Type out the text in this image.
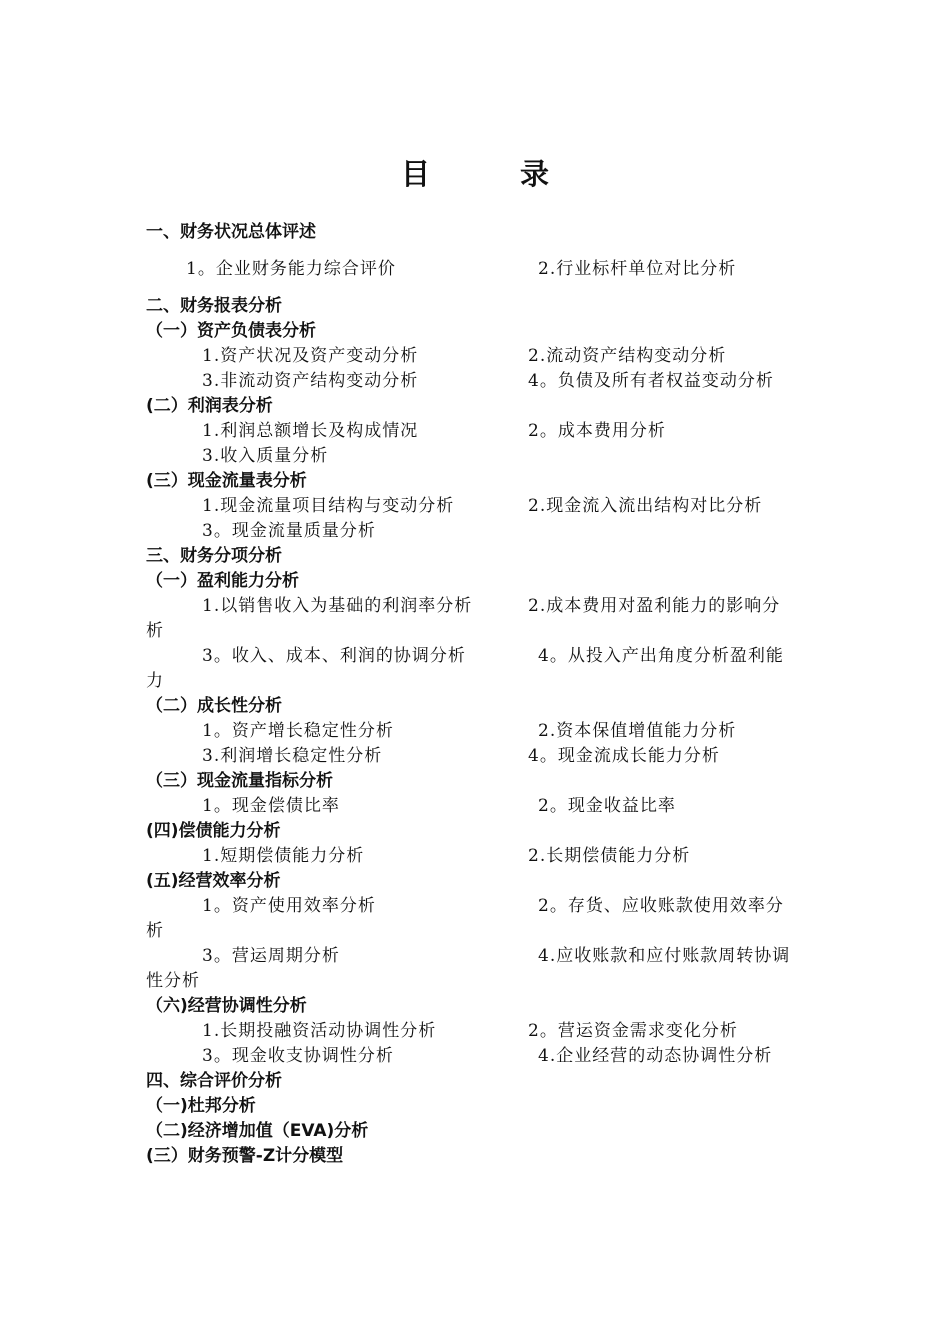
目	录
一、财务状况总体评述
1。企业财务能力综合评价	2.行业标杆单位对比分析
二、财务报表分析
（一）资产负债表分析
1.资产状况及资产变动分析	2.流动资产结构变动分析
3.非流动资产结构变动分析	4。负债及所有者权益变动分析
(二）利润表分析
1.利润总额增长及构成情况	2。成本费用分析
3.收入质量分析
(三）现金流量表分析
1.现金流量项目结构与变动分析	2.现金流入流出结构对比分析
3。现金流量质量分析
三、财务分项分析
（一）盈利能力分析
1.以销售收入为基础的利润率分析	2.成本费用对盈利能力的影响分
析
3。收入、成本、利润的协调分析	4。从投入产出角度分析盈利能
力
（二）成长性分析
1。资产增长稳定性分析	2.资本保值增值能力分析
3.利润增长稳定性分析	4。现金流成长能力分析
（三）现金流量指标分析
1。现金偿债比率	2。现金收益比率
(四)偿债能力分析
1.短期偿债能力分析	2.长期偿债能力分析
(五)经营效率分析
1。资产使用效率分析	2。存货、应收账款使用效率分
析
3。营运周期分析	4.应收账款和应付账款周转协调
性分析
（六)经营协调性分析
1.长期投融资活动协调性分析	2。营运资金需求变化分析
3。现金收支协调性分析	4.企业经营的动态协调性分析
四、综合评价分析
（一)杜邦分析
（二)经济增加值（EVA)分析
(三）财务预警-Z计分模型
